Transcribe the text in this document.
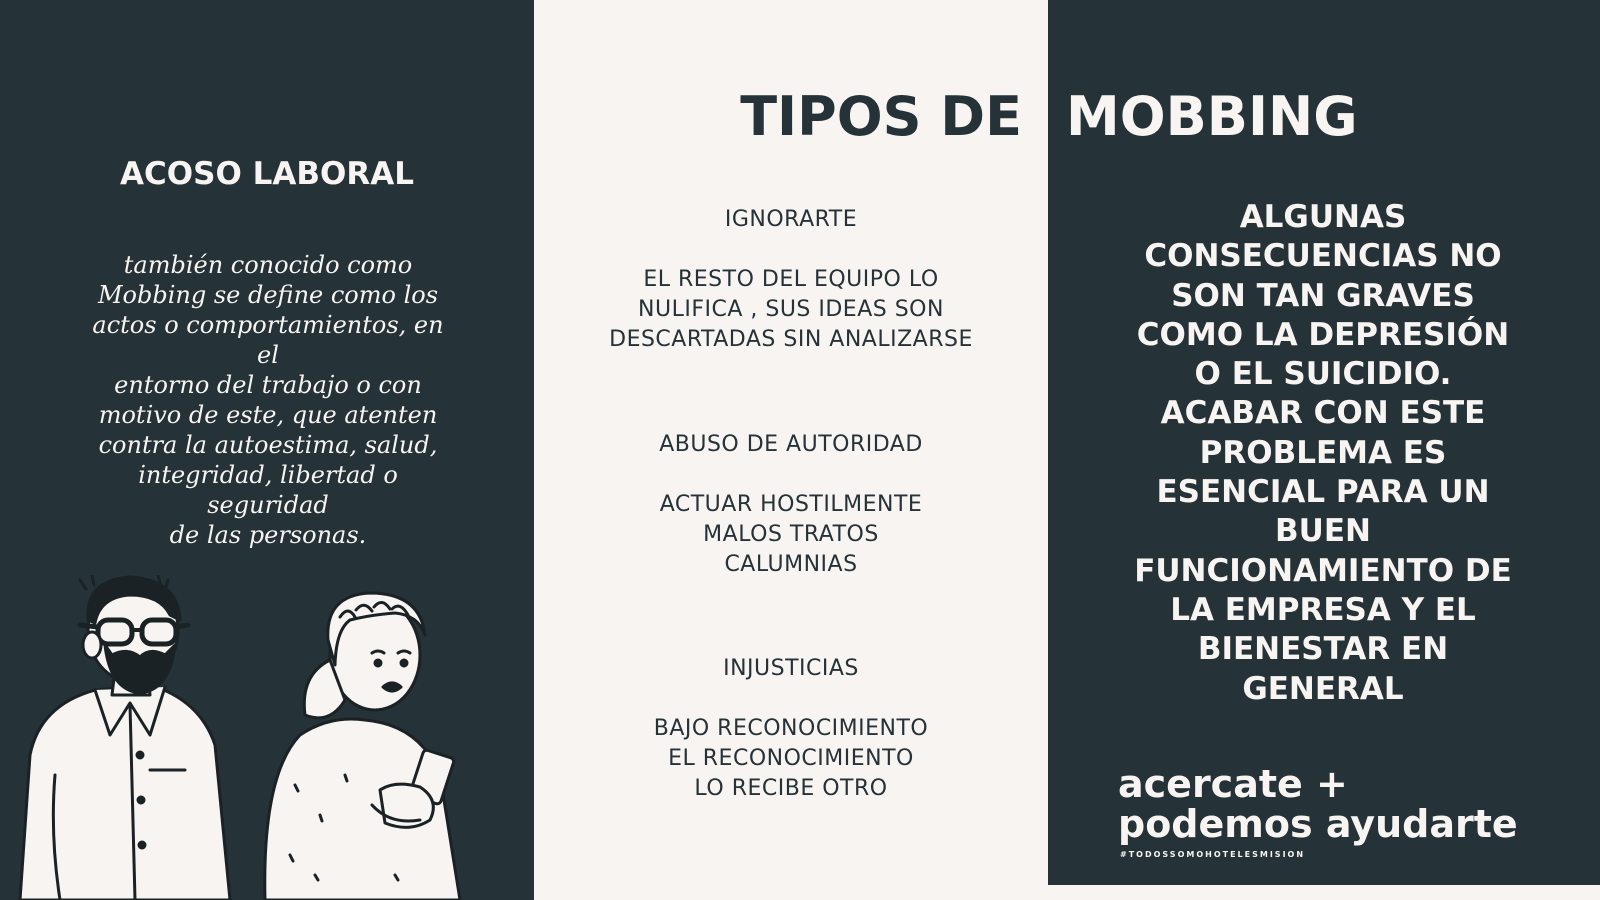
TIPOS DE MOBBING
ACOSO LABORAL
también conocido como
Mobbing se define como los
actos o comportamientos, en el
entorno del trabajo o con
motivo de este, que atenten
contra la autoestima, salud,
integridad, libertad o seguridad
de las personas.
IGNORARTE
EL RESTO DEL EQUIPO LO
NULIFICA , SUS IDEAS SON
DESCARTADAS SIN ANALIZARSE
ABUSO DE AUTORIDAD
ACTUAR HOSTILMENTE
MALOS TRATOS
CALUMNIAS
INJUSTICIAS
BAJO RECONOCIMIENTO
EL RECONOCIMIENTO
LO RECIBE OTRO
ALGUNAS
CONSECUENCIAS NO
SON TAN GRAVES
COMO LA DEPRESIÓN
O EL SUICIDIO.
ACABAR CON ESTE
PROBLEMA ES
ESENCIAL PARA UN
BUEN
FUNCIONAMIENTO DE
LA EMPRESA Y EL
BIENESTAR EN
GENERAL
acercate +
podemos ayudarte
#TODOSSOMOHOTELESMISION
